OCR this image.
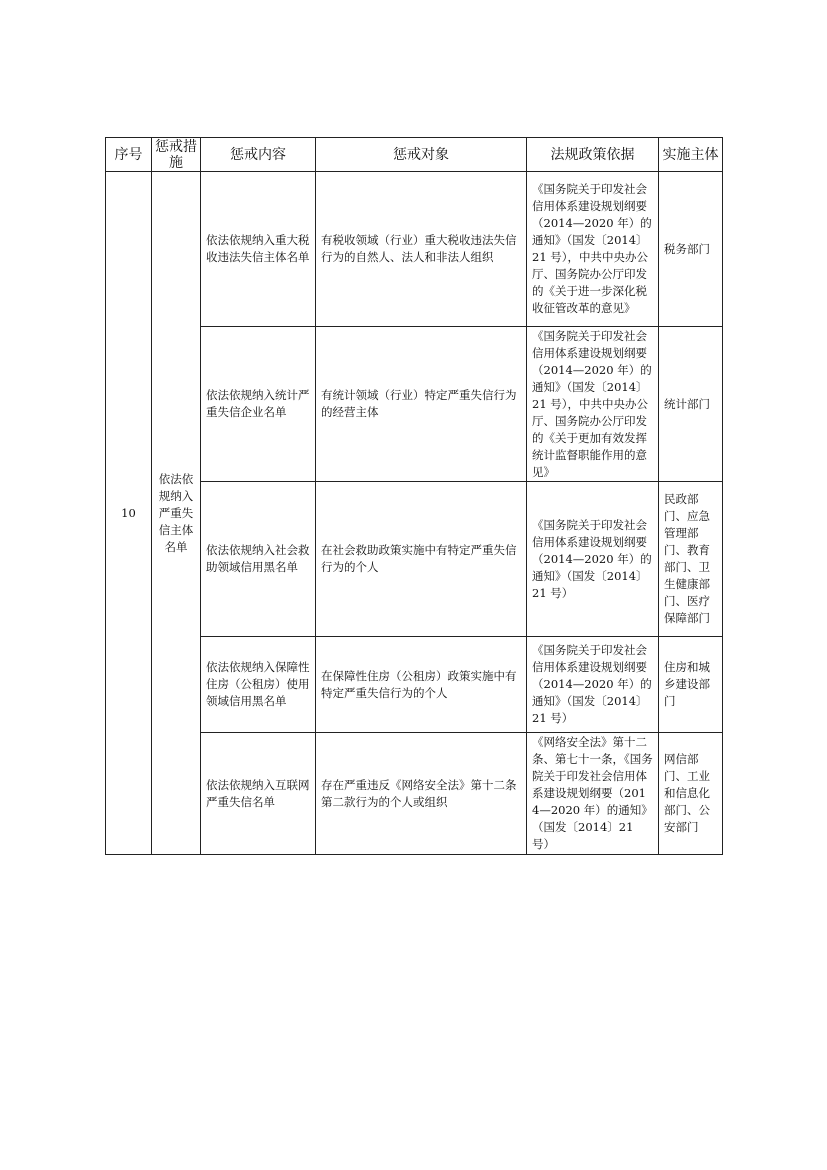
序号	惩戒措施	惩戒内容	惩戒对象	法规政策依据	实施主体
10	依法依规纳入严重失信主体名单	依法依规纳入重大税收违法失信主体名单	有税收领域（行业）重大税收违法失信行为的自然人、法人和非法人组织	《国务院关于印发社会信用体系建设规划纲要（2014—2020 年）的通知》（国发〔2014〕21 号），中共中央办公厅、国务院办公厅印发的《关于进一步深化税收征管改革的意见》	税务部门
		依法依规纳入统计严重失信企业名单	有统计领域（行业）特定严重失信行为的经营主体	《国务院关于印发社会信用体系建设规划纲要（2014—2020 年）的通知》（国发〔2014〕21 号），中共中央办公厅、国务院办公厅印发的《关于更加有效发挥统计监督职能作用的意见》	统计部门
		依法依规纳入社会救助领域信用黑名单	在社会救助政策实施中有特定严重失信行为的个人	《国务院关于印发社会信用体系建设规划纲要（2014—2020 年）的通知》（国发〔2014〕21 号）	民政部门、应急管理部门、教育部门、卫生健康部门、医疗保障部门
		依法依规纳入保障性住房（公租房）使用领域信用黑名单	在保障性住房（公租房）政策实施中有特定严重失信行为的个人	《国务院关于印发社会信用体系建设规划纲要（2014—2020 年）的通知》（国发〔2014〕21 号）	住房和城乡建设部门
		依法依规纳入互联网严重失信名单	存在严重违反《网络安全法》第十二条第二款行为的个人或组织	《网络安全法》第十二条、第七十一条，《国务院关于印发社会信用体系建设规划纲要（2014—2020 年）的通知》（国发〔2014〕21 号）	网信部门、工业和信息化部门、公安部门
